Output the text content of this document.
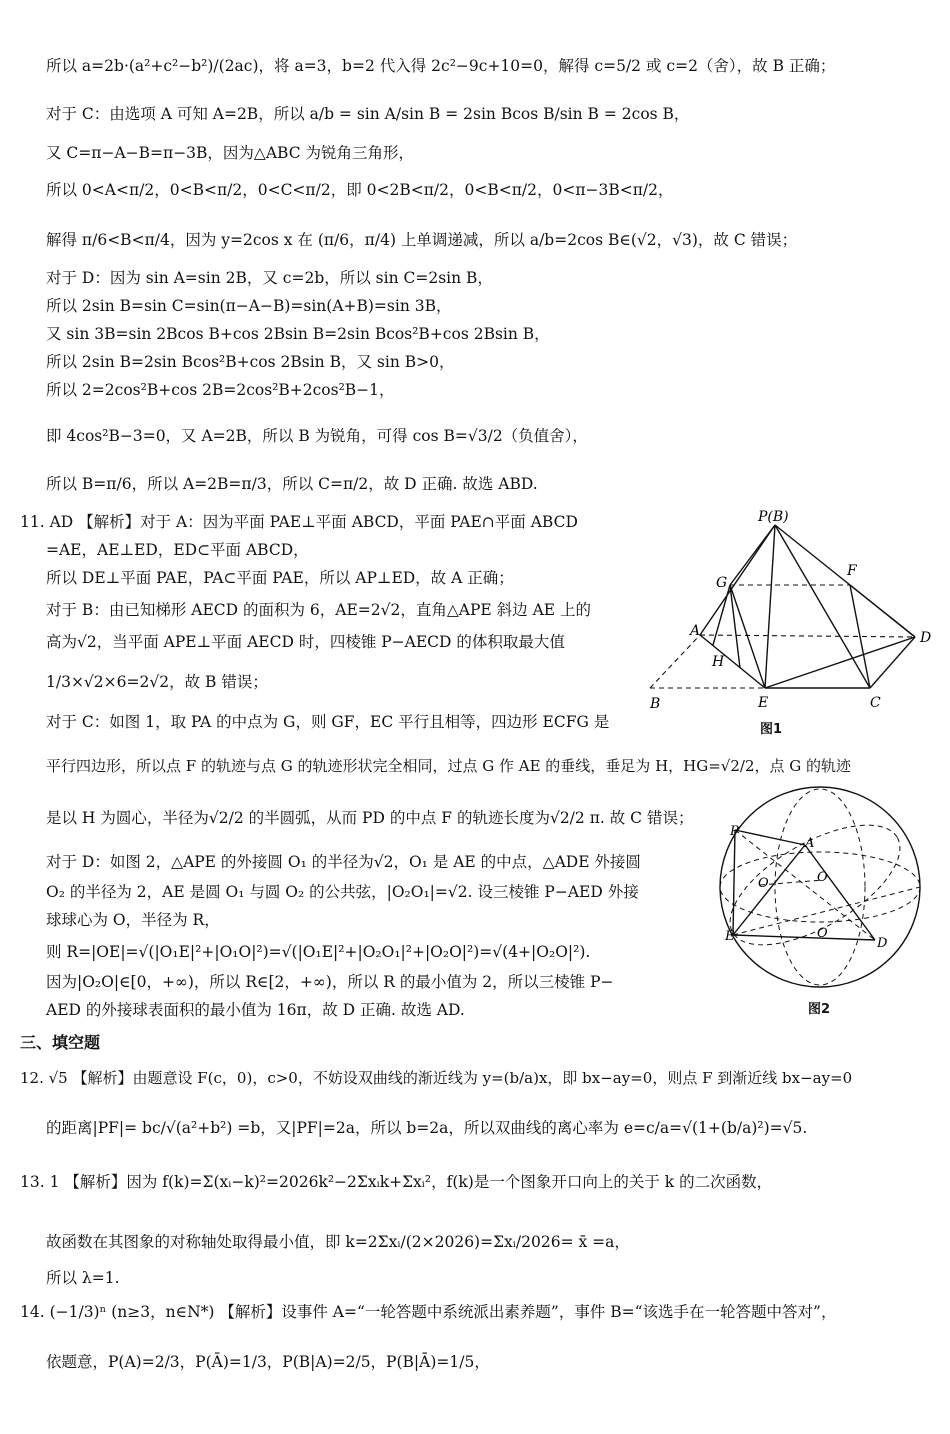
所以 a=2b·(a²+c²−b²)/(2ac)，将 a=3，b=2 代入得 2c²−9c+10=0，解得 c=5/2 或 c=2（舍），故 B 正确；
对于 C：由选项 A 可知 A=2B，所以 a/b = sin A/sin B = 2sin Bcos B/sin B = 2cos B，
又 C=π−A−B=π−3B，因为△ABC 为锐角三角形，
所以 0<A<π/2，0<B<π/2，0<C<π/2，即 0<2B<π/2，0<B<π/2，0<π−3B<π/2，
解得 π/6<B<π/4，因为 y=2cos x 在 (π/6，π/4) 上单调递减，所以 a/b=2cos B∈(√2，√3)，故 C 错误；
对于 D：因为 sin A=sin 2B，又 c=2b，所以 sin C=2sin B，
所以 2sin B=sin C=sin(π−A−B)=sin(A+B)=sin 3B，
又 sin 3B=sin 2Bcos B+cos 2Bsin B=2sin Bcos²B+cos 2Bsin B，
所以 2sin B=2sin Bcos²B+cos 2Bsin B，又 sin B>0，
所以 2=2cos²B+cos 2B=2cos²B+2cos²B−1，
即 4cos²B−3=0，又 A=2B，所以 B 为锐角，可得 cos B=√3/2（负值舍），
所以 B=π/6，所以 A=2B=π/3，所以 C=π/2，故 D 正确. 故选 ABD.
11. AD 【解析】对于 A：因为平面 PAE⊥平面 ABCD，平面 PAE∩平面 ABCD
=AE，AE⊥ED，ED⊂平面 ABCD，
所以 DE⊥平面 PAE，PA⊂平面 PAE，所以 AP⊥ED，故 A 正确；
对于 B：由已知梯形 AECD 的面积为 6，AE=2√2，直角△APE 斜边 AE 上的
高为√2，当平面 APE⊥平面 AECD 时，四棱锥 P−AECD 的体积取最大值
1/3×√2×6=2√2，故 B 错误；
对于 C：如图 1，取 PA 的中点为 G，则 GF，EC 平行且相等，四边形 ECFG 是
平行四边形，所以点 F 的轨迹与点 G 的轨迹形状完全相同，过点 G 作 AE 的垂线，垂足为 H，HG=√2/2，点 G 的轨迹
是以 H 为圆心，半径为√2/2 的半圆弧，从而 PD 的中点 F 的轨迹长度为√2/2 π. 故 C 错误；
对于 D：如图 2，△APE 的外接圆 O₁ 的半径为√2，O₁ 是 AE 的中点，△ADE 外接圆
O₂ 的半径为 2，AE 是圆 O₁ 与圆 O₂ 的公共弦，|O₂O₁|=√2. 设三棱锥 P−AED 外接
球球心为 O，半径为 R，
则 R=|OE|=√(|O₁E|²+|O₁O|²)=√(|O₁E|²+|O₂O₁|²+|O₂O|²)=√(4+|O₂O|²).
因为|O₂O|∈[0，+∞)，所以 R∈[2，+∞)，所以 R 的最小值为 2，所以三棱锥 P−
AED 的外接球表面积的最小值为 16π，故 D 正确. 故选 AD.
P(B)
G
F
A	D
H
B	E	C
图1
P
A
O	O
E	O
D
图2
三、填空题
12. √5 【解析】由题意设 F(c，0)，c>0，不妨设双曲线的渐近线为 y=(b/a)x，即 bx−ay=0，则点 F 到渐近线 bx−ay=0
的距离|PF|= bc/√(a²+b²) =b，又|PF|=2a，所以 b=2a，所以双曲线的离心率为 e=c/a=√(1+(b/a)²)=√5.
13. 1 【解析】因为 f(k)=Σ(xᵢ−k)²=2026k²−2Σxᵢk+Σxᵢ²，f(k)是一个图象开口向上的关于 k 的二次函数，
故函数在其图象的对称轴处取得最小值，即 k=2Σxᵢ/(2×2026)=Σxᵢ/2026= x̄ =a，
所以 λ=1.
14. (−1/3)ⁿ (n≥3，n∈N*) 【解析】设事件 A=“一轮答题中系统派出素养题”，事件 B=“该选手在一轮答题中答对”，
依题意，P(A)=2/3，P(Ā)=1/3，P(B|A)=2/5，P(B|Ā)=1/5，
